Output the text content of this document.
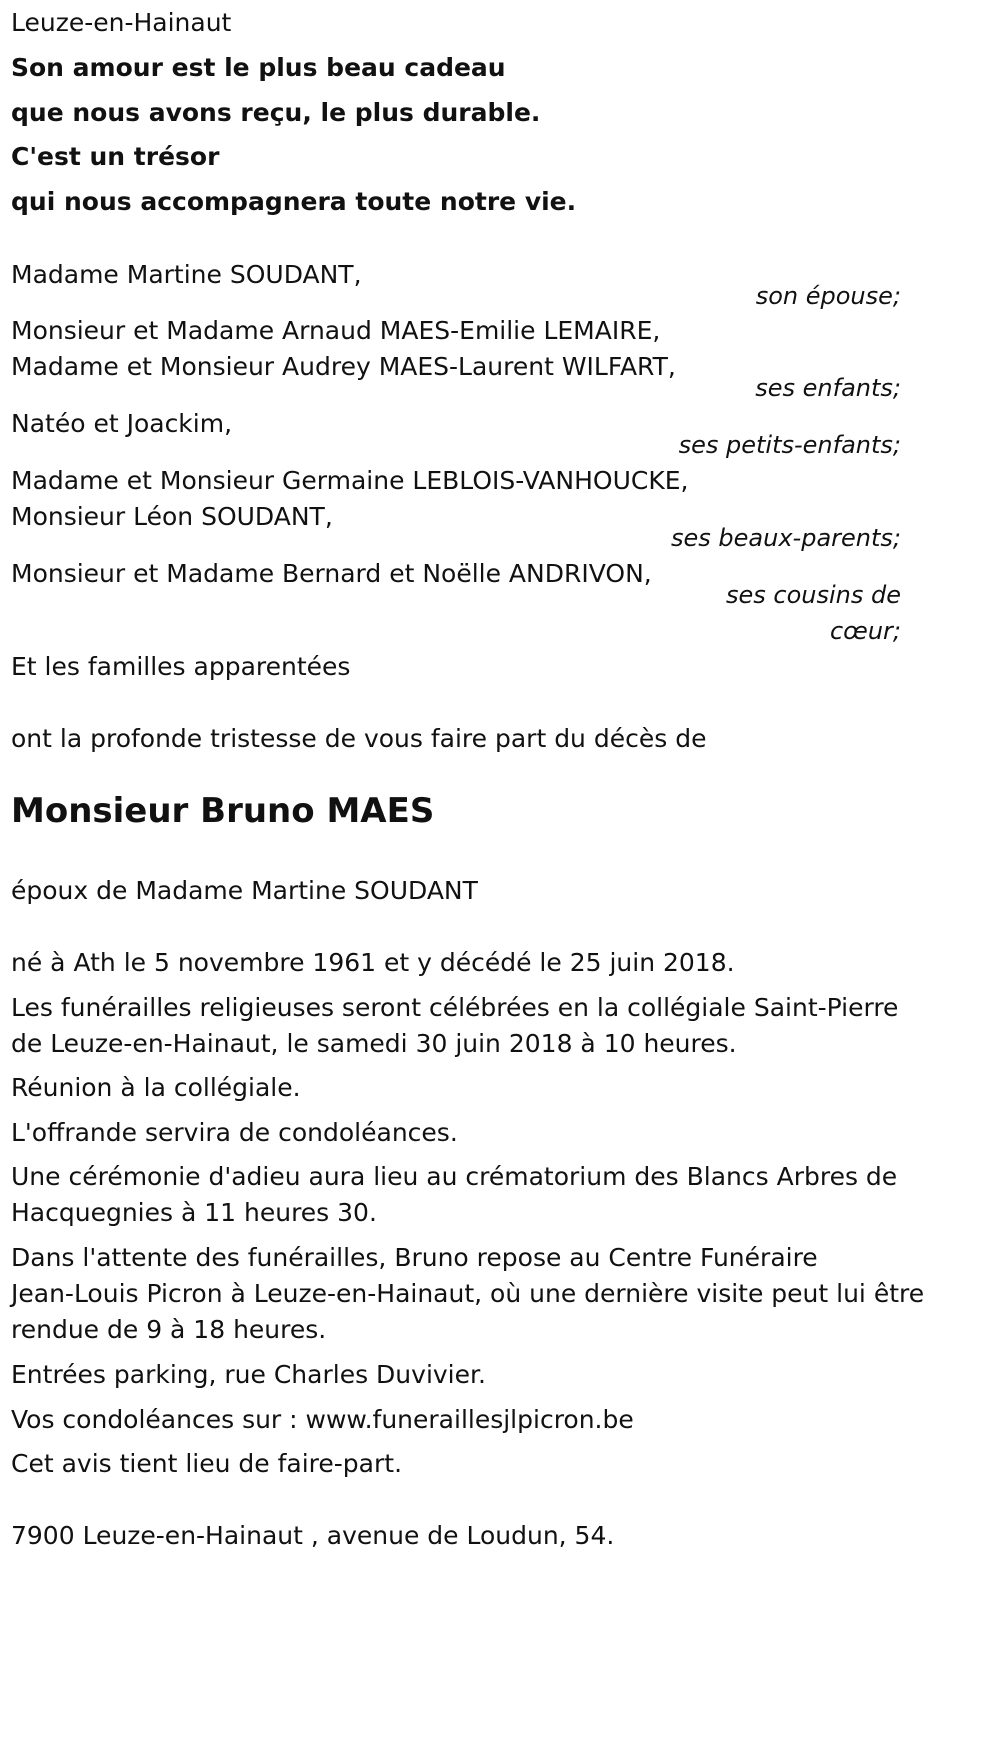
Leuze-en-Hainaut
Son amour est le plus beau cadeau
que nous avons reçu, le plus durable.
C'est un trésor
qui nous accompagnera toute notre vie.
Madame Martine SOUDANT,
son épouse;
Monsieur et Madame Arnaud MAES-Emilie LEMAIRE,
Madame et Monsieur Audrey MAES-Laurent WILFART,
ses enfants;
Natéo et Joackim,
ses petits-enfants;
Madame et Monsieur Germaine LEBLOIS-VANHOUCKE,
Monsieur Léon SOUDANT,
ses beaux-parents;
Monsieur et Madame Bernard et Noëlle ANDRIVON,
ses cousins de
cœur;
Et les familles apparentées
ont la profonde tristesse de vous faire part du décès de
Monsieur Bruno MAES
époux de Madame Martine SOUDANT
né à Ath le 5 novembre 1961 et y décédé le 25 juin 2018.
Les funérailles religieuses seront célébrées en la collégiale Saint-Pierre
de Leuze-en-Hainaut, le samedi 30 juin 2018 à 10 heures.
Réunion à la collégiale.
L'offrande servira de condoléances.
Une cérémonie d'adieu aura lieu au crématorium des Blancs Arbres de
Hacquegnies à 11 heures 30.
Dans l'attente des funérailles, Bruno repose au Centre Funéraire
Jean-Louis Picron à Leuze-en-Hainaut, où une dernière visite peut lui être
rendue de 9 à 18 heures.
Entrées parking, rue Charles Duvivier.
Vos condoléances sur : www.funeraillesjlpicron.be
Cet avis tient lieu de faire-part.
7900 Leuze-en-Hainaut , avenue de Loudun, 54.
